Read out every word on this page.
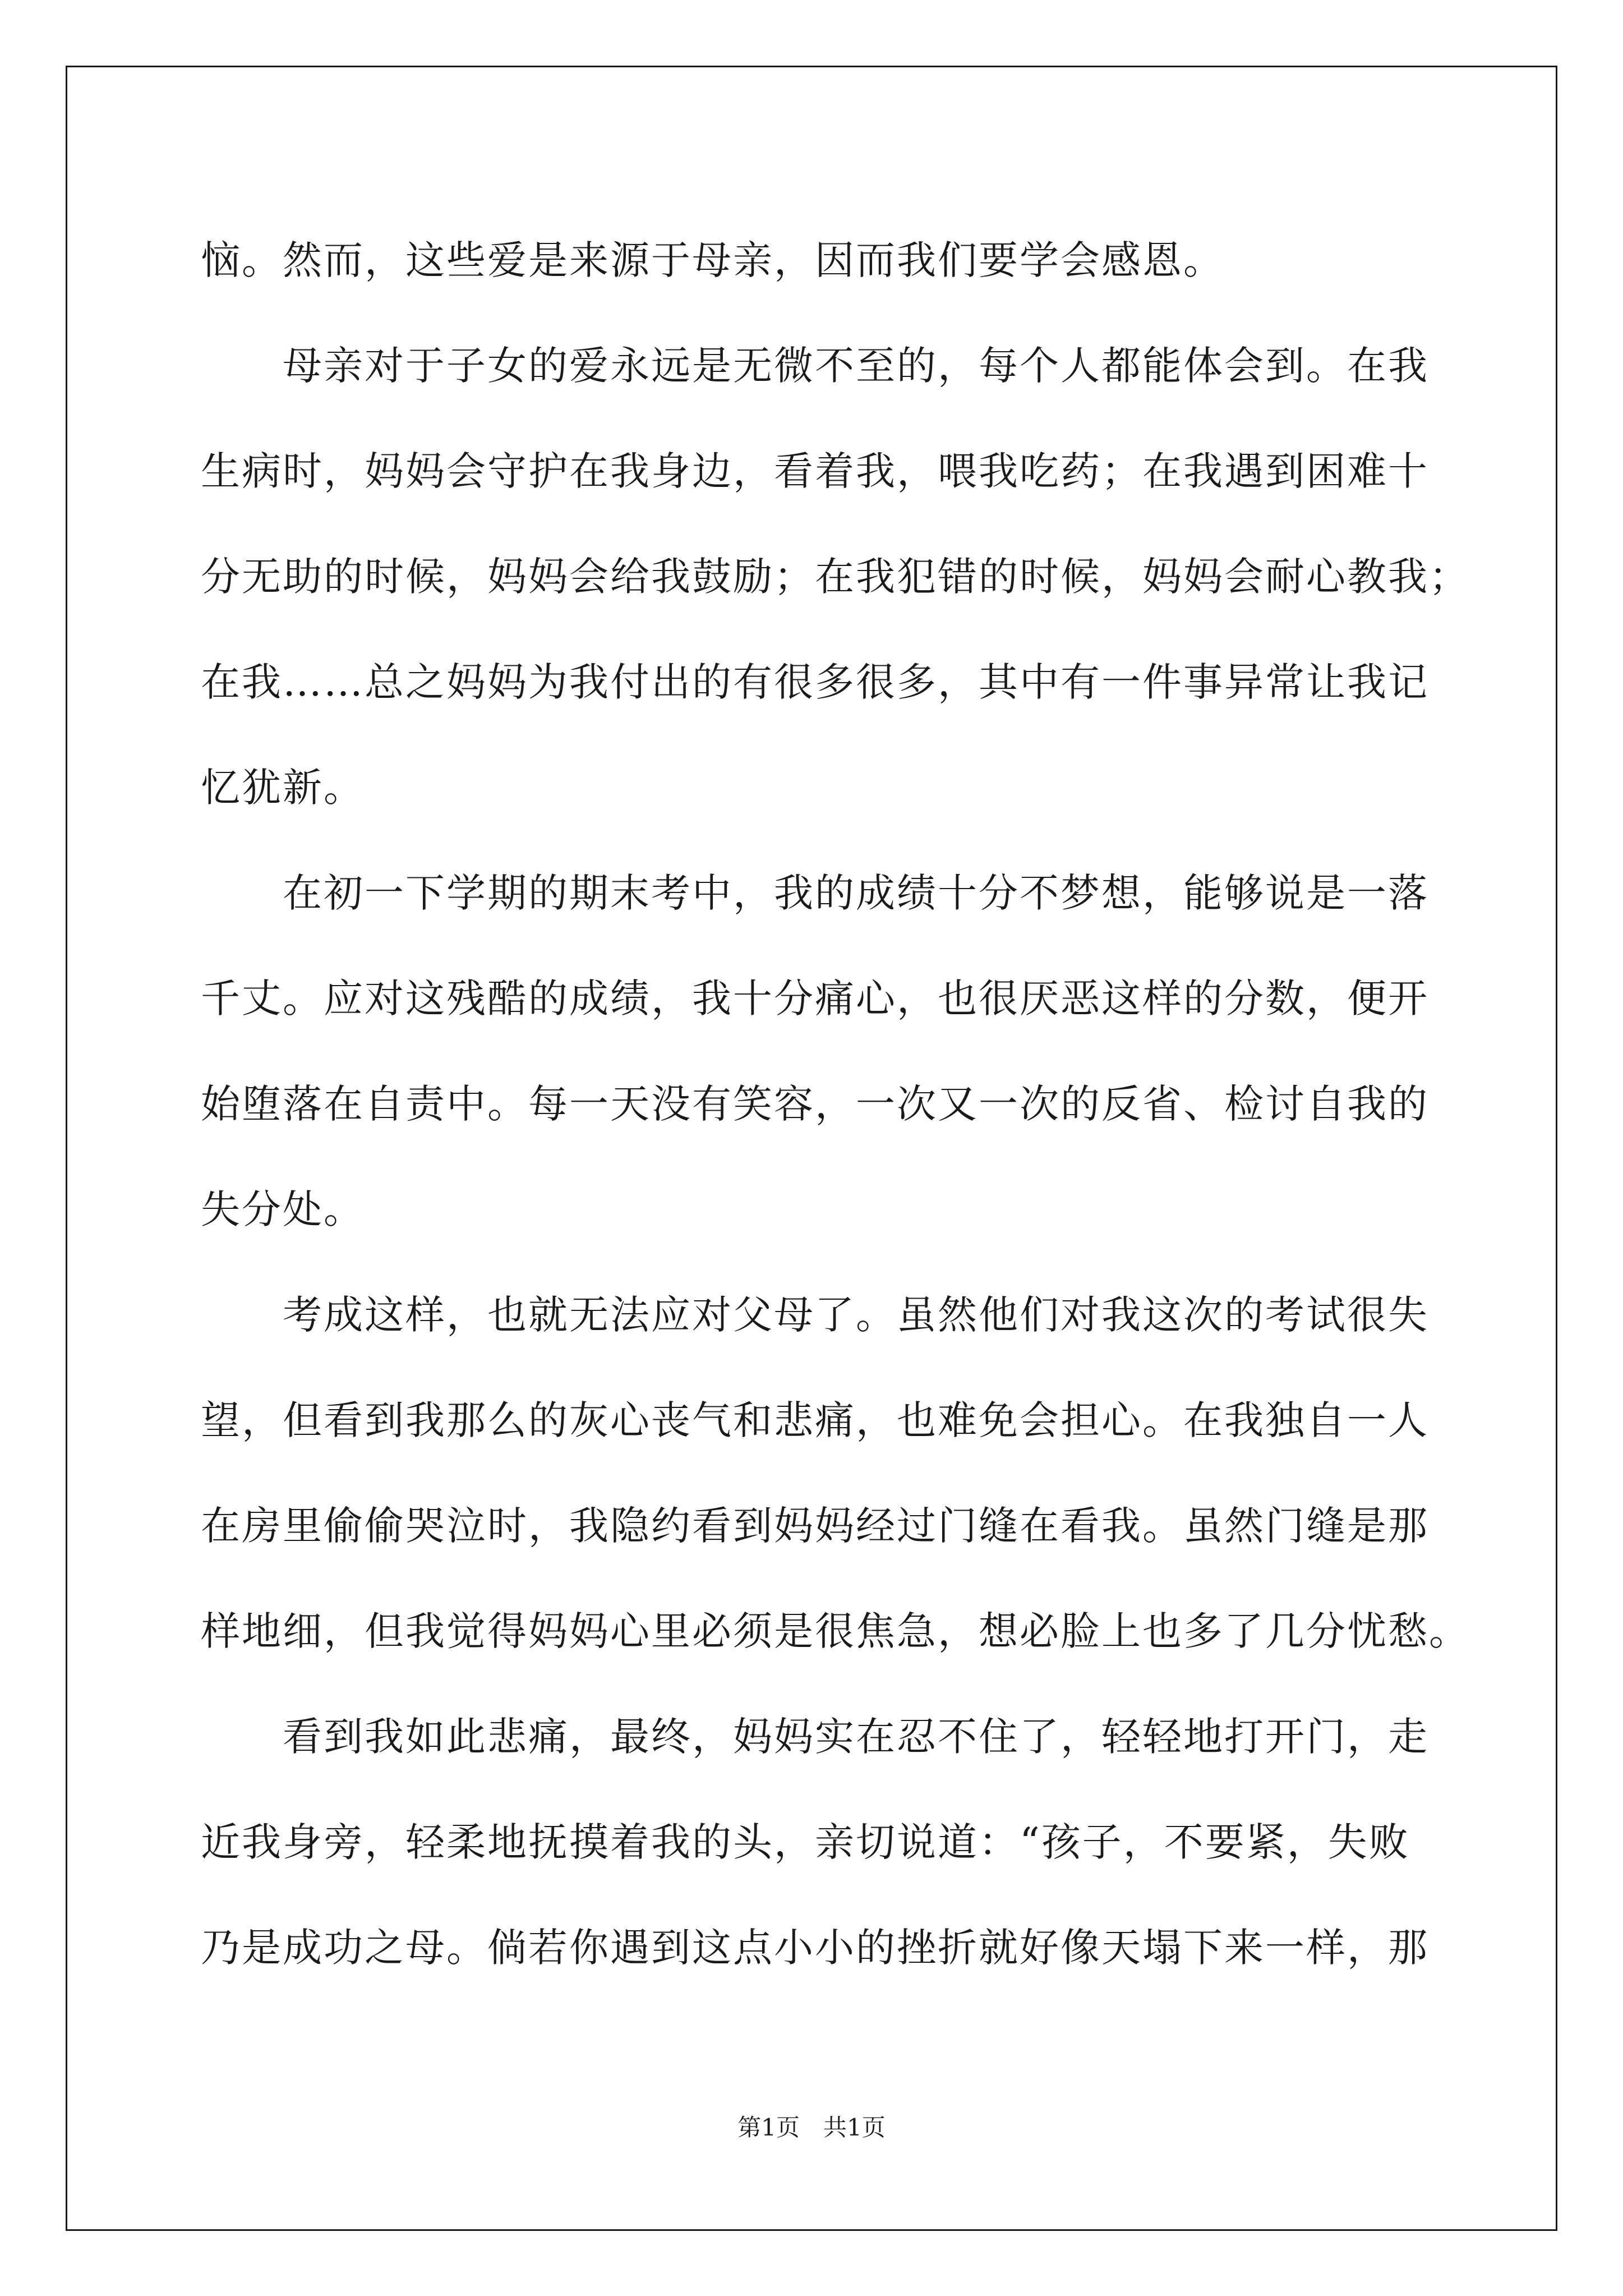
恼。然而，这些爱是来源于母亲，因而我们要学会感恩。
母亲对于子女的爱永远是无微不至的，每个人都能体会到。在我
生病时，妈妈会守护在我身边，看着我，喂我吃药；在我遇到困难十
分无助的时候，妈妈会给我鼓励；在我犯错的时候，妈妈会耐心教我；
在我……总之妈妈为我付出的有很多很多，其中有一件事异常让我记
忆犹新。
在初一下学期的期末考中，我的成绩十分不梦想，能够说是一落
千丈。应对这残酷的成绩，我十分痛心，也很厌恶这样的分数，便开
始堕落在自责中。每一天没有笑容，一次又一次的反省、检讨自我的
失分处。
考成这样，也就无法应对父母了。虽然他们对我这次的考试很失
望，但看到我那么的灰心丧气和悲痛，也难免会担心。在我独自一人
在房里偷偷哭泣时，我隐约看到妈妈经过门缝在看我。虽然门缝是那
样地细，但我觉得妈妈心里必须是很焦急，想必脸上也多了几分忧愁。
看到我如此悲痛，最终，妈妈实在忍不住了，轻轻地打开门，走
近我身旁，轻柔地抚摸着我的头，亲切说道：“孩子，不要紧，失败
乃是成功之母。倘若你遇到这点小小的挫折就好像天塌下来一样，那
第1页　共1页
